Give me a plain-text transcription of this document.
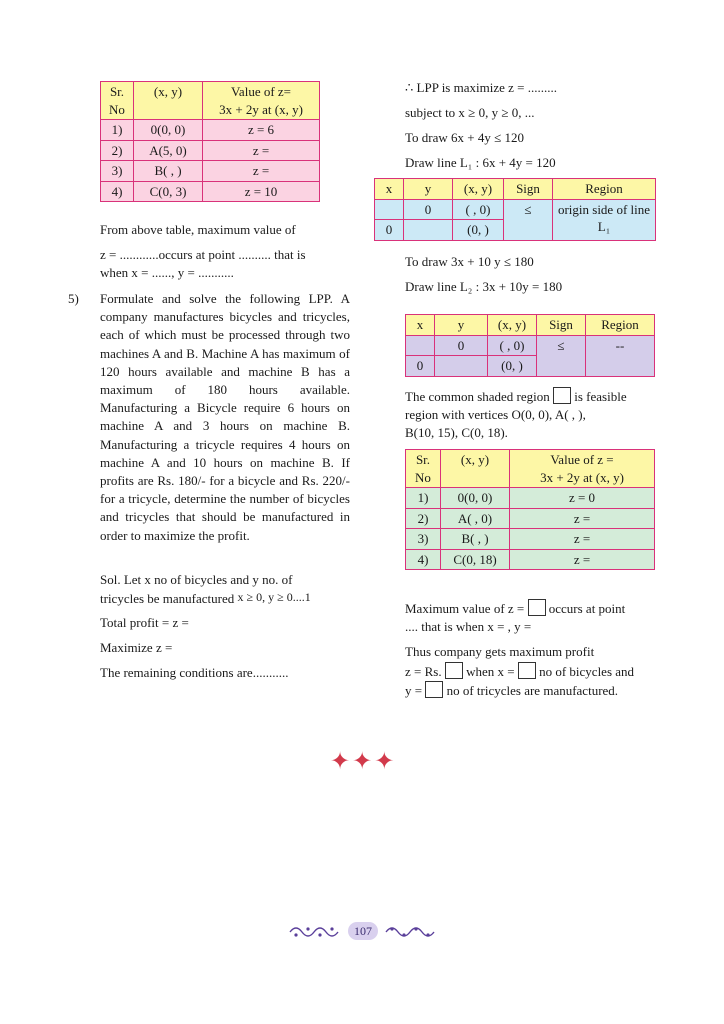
Sr.
No	(x, y)	Value of z=
3x + 2y at (x, y)
1)	0(0, 0)	z = 6
2)	A(5, 0)	z =
3)	B( , )	z =
4)	C(0, 3)	z = 10
From above table, maximum value of
z = ............occurs at point .......... that is
when x = ......, y = ...........
5) Formulate and solve the following LPP. A company manufactures bicycles and tricycles, each of which must be processed through two machines A and B. Machine A has maximum of 120 hours available and machine B has a maximum of 180 hours available. Manufacturing a Bicycle require 6 hours on machine A and 3 hours on machine B. Manufacturing a tricycle requires 4 hours on machine A and 10 hours on machine B. If profits are Rs. 180/- for a bicycle and Rs. 220/- for a tricycle, determine the number of bicycles and tricycles that should be manufactured in order to maximize the profit.
Sol. Let x no of bicycles and y no. of
tricycles be manufactured x ≥ 0, y ≥ 0....1
Total profit = z =
Maximize z =
The remaining conditions are...........
∴ LPP is maximize z = .........
subject to x ≥ 0, y ≥ 0, ...
To draw 6x + 4y ≤ 120
Draw line L₁ : 6x + 4y = 120
x	y	(x, y)	Sign	Region
	0	( , 0)	≤	origin side of line L₁
0		(0, )		
To draw 3x + 10 y ≤ 180
Draw line L₂ : 3x + 10y = 180
x	y	(x, y)	Sign	Region
	0	( , 0)	≤	--
0		(0, )		
The common shaded region is feasible
region with vertices O(0, 0), A( , ),
B(10, 15), C(0, 18).
Sr.
No	(x, y)	Value of z =
3x + 2y at (x, y)
1)	0(0, 0)	z = 0
2)	A( , 0)	z =
3)	B( , )	z =
4)	C(0, 18)	z =
Maximum value of z = occurs at point
.... that is when x = , y =
Thus company gets maximum profit
z = Rs. when x = no of bicycles and
y = no of tricycles are manufactured.
✦✦✦
107
